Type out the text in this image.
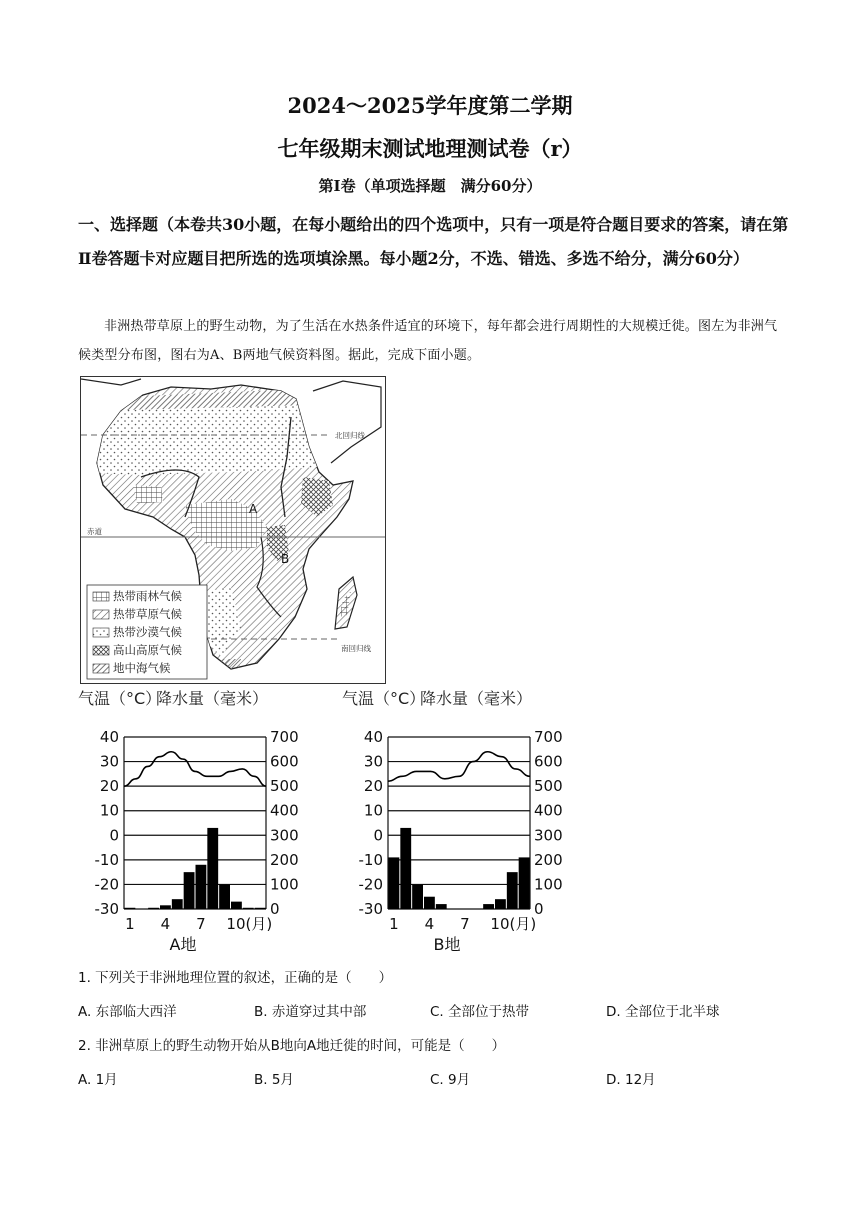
2024～2025学年度第二学期
七年级期末测试地理测试卷（r）
第Ⅰ卷（单项选择题　满分60分）
一、选择题（本卷共30小题，在每小题给出的四个选项中，只有一项是符合题目要求的答案，请在第Ⅱ卷答题卡对应题目把所选的选项填涂黑。每小题2分，不选、错选、多选不给分，满分60分）
非洲热带草原上的野生动物，为了生活在水热条件适宜的环境下，每年都会进行周期性的大规模迁徙。图左为非洲气候类型分布图，图右为A、B两地气候资料图。据此，完成下面小题。
北回归线
赤道
南回归线
A
B
热带雨林气候
热带草原气候
热带沙漠气候
高山高原气候
地中海气候
气温（°C）
降水量（毫米）
40
30
20
10
0
-10
-20
-30
700
600
500
400
300
200
100
0
1 4 7 10(月)
A地
气温（°C）
降水量（毫米）
40
30
20
10
0
-10
-20
-30
700
600
500
400
300
200
100
0
1 4 7 10(月)
B地
1. 下列关于非洲地理位置的叙述，正确的是（　　）
A. 东部临大西洋	B. 赤道穿过其中部	C. 全部位于热带	D. 全部位于北半球
2. 非洲草原上的野生动物开始从B地向A地迁徙的时间，可能是（　　）
A. 1月	B. 5月	C. 9月	D. 12月
